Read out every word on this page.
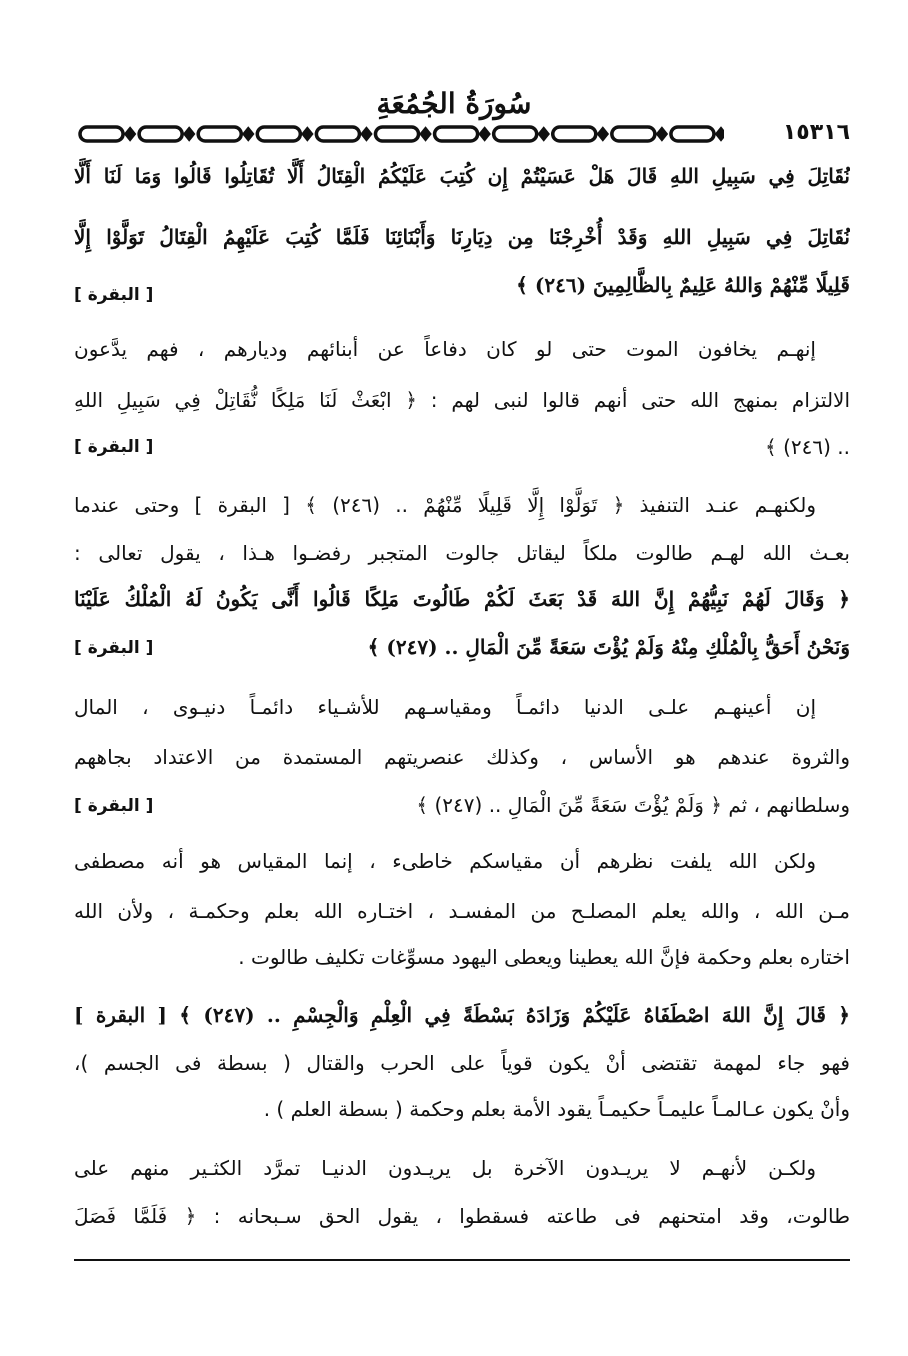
سُورَةُ الجُمُعَةِ
١٥٣١٦
نُقَاتِلَ فِي سَبِيلِ اللهِ قَالَ هَلْ عَسَيْتُمْ إِن كُتِبَ عَلَيْكُمُ الْقِتَالُ أَلَّا تُقَاتِلُوا قَالُوا وَمَا لَنَا أَلَّا
نُقَاتِلَ فِي سَبِيلِ اللهِ وَقَدْ أُخْرِجْنَا مِن دِيَارِنَا وَأَبْنَائِنَا فَلَمَّا كُتِبَ عَلَيْهِمُ الْقِتَالُ تَوَلَّوْا إِلَّا
قَلِيلًا مِّنْهُمْ وَاللهُ عَلِيمٌ بِالظَّالِمِينَ (٢٤٦) ﴾
[ البقرة ]
إنهـم يخافون الموت حتى لو كان دفاعاً عن أبنائهم وديارهم ، فهم يدَّعون
الالتزام بمنهج الله حتى أنهم قالوا لنبى لهم : ﴿ ابْعَثْ لَنَا مَلِكًا نُّقَاتِلْ فِي سَبِيلِ اللهِ
.. (٢٤٦) ﴾
[ البقرة ]
ولكنهـم عنـد التنفيذ ﴿ تَوَلَّوْا إِلَّا قَلِيلًا مِّنْهُمْ .. (٢٤٦) ﴾ [ البقرة ] وحتى عندما
بعـث الله لهـم طالوت ملكاً ليقاتل جالوت المتجبر رفضـوا هـذا ، يقول تعالى :
﴿ وَقَالَ لَهُمْ نَبِيُّهُمْ إِنَّ اللهَ قَدْ بَعَثَ لَكُمْ طَالُوتَ مَلِكًا قَالُوا أَنَّى يَكُونُ لَهُ الْمُلْكُ عَلَيْنَا
وَنَحْنُ أَحَقُّ بِالْمُلْكِ مِنْهُ وَلَمْ يُؤْتَ سَعَةً مِّنَ الْمَالِ .. (٢٤٧) ﴾
[ البقرة ]
إن أعينهـم علـى الدنيا دائمـاً ومقياسـهم للأشـياء دائمـاً دنيـوى ، المال
والثروة عندهم هو الأساس ، وكذلك عنصريتهم المستمدة من الاعتداد بجاههم
وسلطانهم ، ثم ﴿ وَلَمْ يُؤْتَ سَعَةً مِّنَ الْمَالِ .. (٢٤٧) ﴾
[ البقرة ]
ولكن الله يلفت نظرهم أن مقياسكم خاطىء ، إنما المقياس هو أنه مصطفى
مـن الله ، والله يعلم المصلـح من المفسـد ، اختـاره الله بعلم وحكمـة ، ولأن الله
اختاره بعلم وحكمة فإنَّ الله يعطينا ويعطى اليهود مسوِّغات تكليف طالوت .
﴿ قَالَ إِنَّ اللهَ اصْطَفَاهُ عَلَيْكُمْ وَزَادَهُ بَسْطَةً فِي الْعِلْمِ وَالْجِسْمِ .. (٢٤٧) ﴾ [ البقرة ]
فهو جاء لمهمة تقتضى أنْ يكون قوياً على الحرب والقتال ( بسطة فى الجسم )،
وأنْ يكون عـالمـاً عليمـاً حكيمـاً يقود الأمة بعلم وحكمة ( بسطة العلم ) .
ولكـن لأنهـم لا يريـدون الآخرة بل يريـدون الدنيـا تمرَّد الكثـير منهم على
طالوت، وقد امتحنهم فى طاعته فسقطوا ، يقول الحق سـبحانه : ﴿ فَلَمَّا فَصَلَ
